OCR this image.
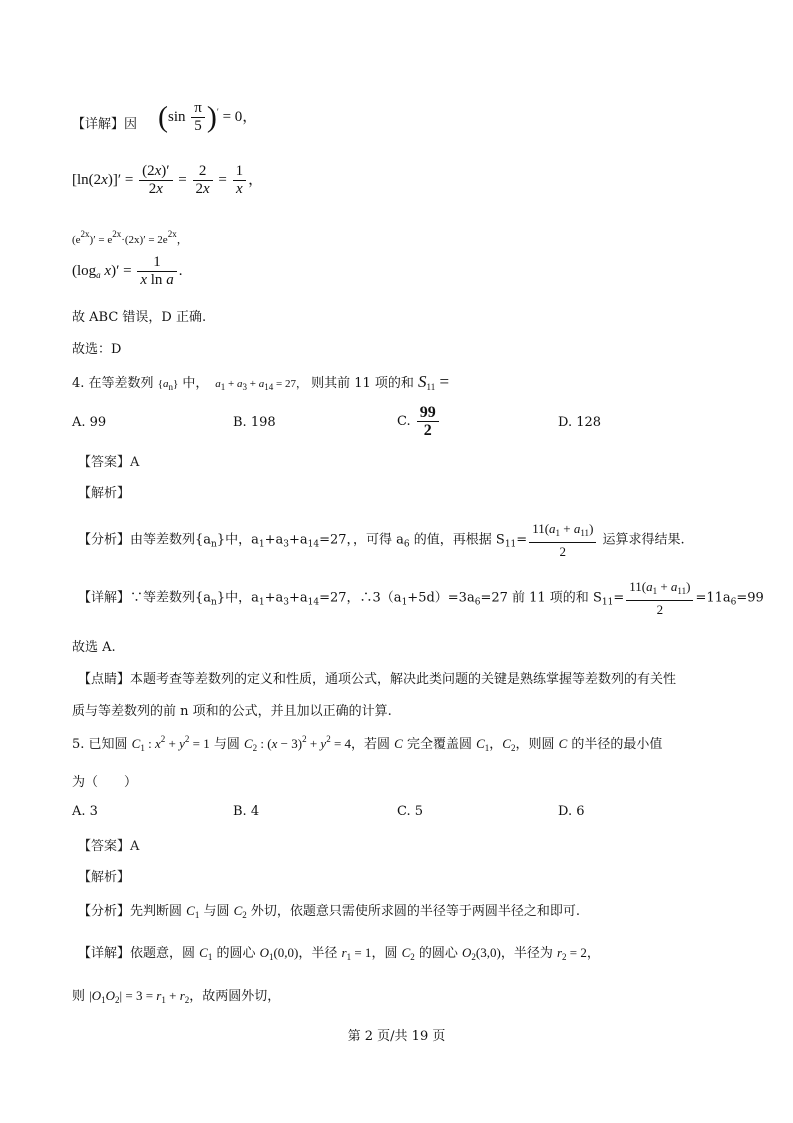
【详解】因 $(\sin \frac{\pi}{5} )' = 0$，
$[\ln(2x)]' = \frac{(2x)'}{2x} = \frac{2}{2x} = \frac{1}{x}$ ，
$(e^{2x})' = e^{2x}\cdot(2x)' = 2e^{2x}$，
($\log_a$ $x)' = \frac{1}{\text{x ln a}}$ .
故 ABC 错误，D 正确.
故选：D
4. 在等差数列 $\{a_n\}$ 中， $a_1 + a_3 + a_{14} = 27$， 则其前 11 项的和 $S_{11}$ =
A. 99	B. 198	C. $\frac{99}{2}$	D. 128
【答案】A
【解析】
【分析】由等差数列$\{a_n\}$中，$a_1+a_3+a_{14}=27$，，可得 $a_6$ 的值，再根据 $S_{11}= \frac{11(a_1 + a_{11})}{2}$ 运算求得结果.
【详解】∵等差数列$\{a_n\}$中，$a_1+a_3+a_{14}=27$，$\therefore 3(a_1+5d)=3a_6=27$ 前 11 项的和 $S_{11}= \frac{11(a_1 + a_{11})}{2} =11a_6=99$
故选 A.
【点睛】本题考查等差数列的定义和性质，通项公式，解决此类问题的关键是熟练掌握等差数列的有关性
质与等差数列的前 n 项和的公式，并且加以正确的计算.
5. 已知圆 $C_1$ : $x^2 + y^2 = 1$ 与圆 $C_2$ : $(x - 3)^2 + y^2 = 4$，若圆 C 完全覆盖圆 $C_1$，$C_2$，则圆 C 的半径的最小值
为（　　）
A. 3	B. 4	C. 5	D. 6
【答案】A
【解析】
【分析】先判断圆 $C_1$ 与圆 $C_2$ 外切，依题意只需使所求圆的半径等于两圆半径之和即可.
【详解】依题意，圆 $C_1$ 的圆心 $O_1(0,0)$，半径 $r_1 = 1$，圆 $C_2$ 的圆心 $O_2(3,0)$，半径为 $r_2 = 2$，
则 $|O_1O_2| = 3 = r_1 + r_2$，故两圆外切，
第 2 页/共 19 页
